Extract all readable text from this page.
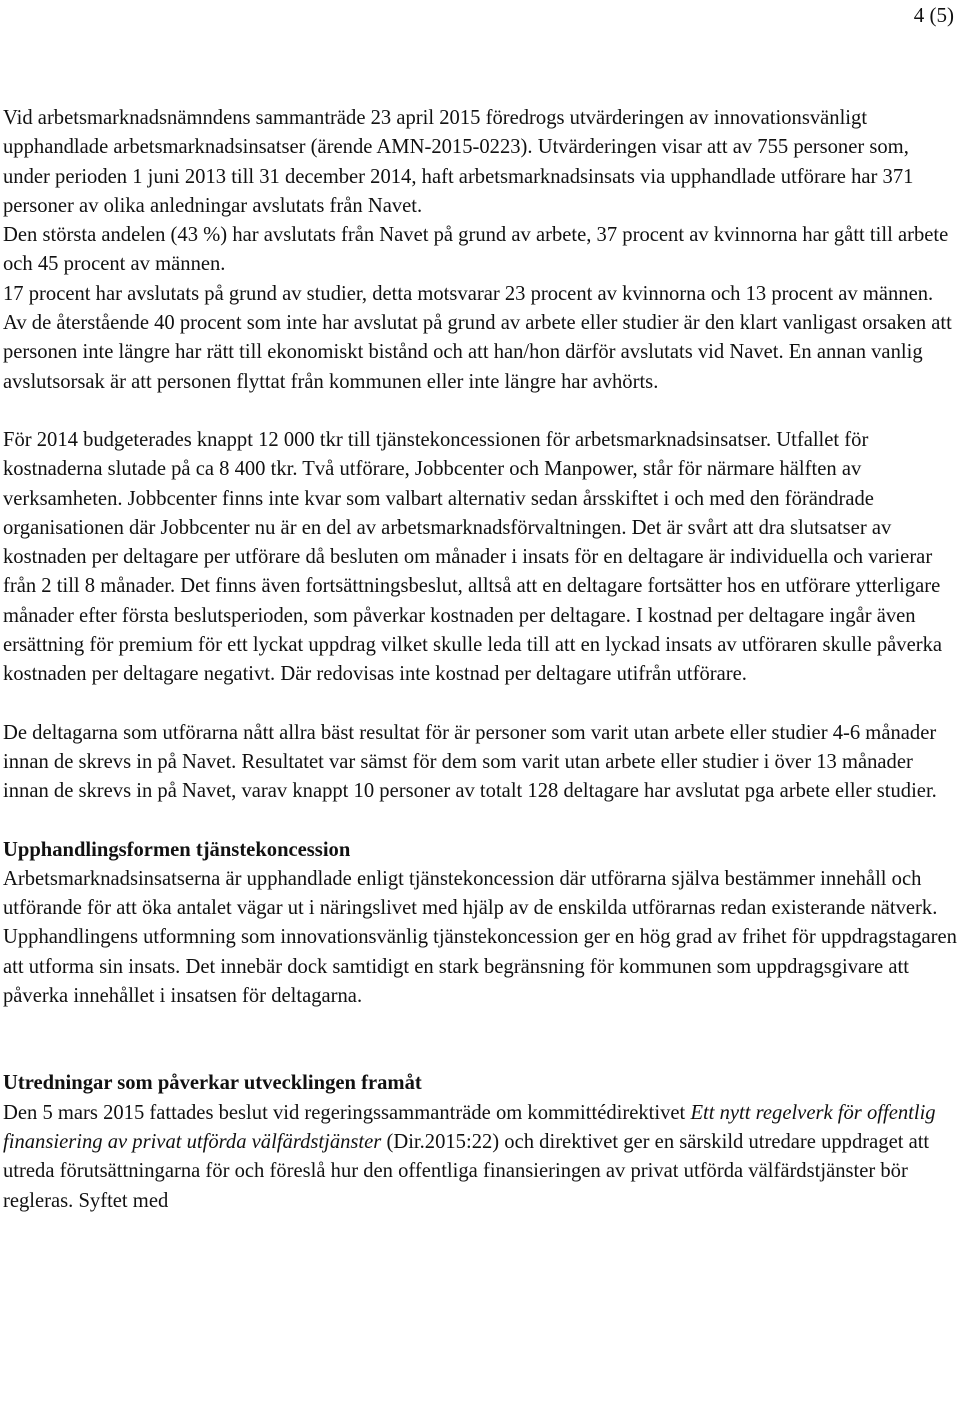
4 (5)

Vid arbetsmarknadsnämndens sammanträde 23 april 2015 föredrogs utvärderingen av innovationsvänligt upphandlade arbetsmarknadsinsatser (ärende AMN-2015-0223). Utvärderingen visar att av 755 personer som, under perioden 1 juni 2013 till 31 december 2014, haft arbetsmarknadsinsats via upphandlade utförare har 371 personer av olika anledningar avslutats från Navet.

Den största andelen (43 %) har avslutats från Navet på grund av arbete, 37 procent av kvinnorna har gått till arbete och 45 procent av männen.

17 procent har avslutats på grund av studier, detta motsvarar 23 procent av kvinnorna och 13 procent av männen.

Av de återstående 40 procent som inte har avslutat på grund av arbete eller studier är den klart vanligast orsaken att personen inte längre har rätt till ekonomiskt bistånd och att han/hon därför avslutats vid Navet. En annan vanlig avslutsorsak är att personen flyttat från kommunen eller inte längre har avhörts.

För 2014 budgeterades knappt 12 000 tkr till tjänstekoncessionen för arbetsmarknadsinsatser. Utfallet för kostnaderna slutade på ca 8 400 tkr. Två utförare, Jobbcenter och Manpower, står för närmare hälften av verksamheten. Jobbcenter finns inte kvar som valbart alternativ sedan årsskiftet i och med den förändrade organisationen där Jobbcenter nu är en del av arbetsmarknadsförvaltningen. Det är svårt att dra slutsatser av kostnaden per deltagare per utförare då besluten om månader i insats för en deltagare är individuella och varierar från 2 till 8 månader. Det finns även fortsättningsbeslut, alltså att en deltagare fortsätter hos en utförare ytterligare månader efter första beslutsperioden, som påverkar kostnaden per deltagare. I kostnad per deltagare ingår även ersättning för premium för ett lyckat uppdrag vilket skulle leda till att en lyckad insats av utföraren skulle påverka kostnaden per deltagare negativt. Där redovisas inte kostnad per deltagare utifrån utförare.

De deltagarna som utförarna nått allra bäst resultat för är personer som varit utan arbete eller studier 4-6 månader innan de skrevs in på Navet. Resultatet var sämst för dem som varit utan arbete eller studier i över 13 månader innan de skrevs in på Navet, varav knappt 10 personer av totalt 128 deltagare har avslutat pga arbete eller studier.

Upphandlingsformen tjänstekoncession

Arbetsmarknadsinsatserna är upphandlade enligt tjänstekoncession där utförarna själva bestämmer innehåll och utförande för att öka antalet vägar ut i näringslivet med hjälp av de enskilda utförarnas redan existerande nätverk. Upphandlingens utformning som innovationsvänlig tjänstekoncession ger en hög grad av frihet för uppdragstagaren att utforma sin insats. Det innebär dock samtidigt en stark begränsning för kommunen som uppdragsgivare att påverka innehållet i insatsen för deltagarna.

Utredningar som påverkar utvecklingen framåt

Den 5 mars 2015 fattades beslut vid regeringssammanträde om kommittédirektivet Ett nytt regelverk för offentlig finansiering av privat utförda välfärdstjänster (Dir.2015:22) och direktivet ger en särskild utredare uppdraget att utreda förutsättningarna för och föreslå hur den offentliga finansieringen av privat utförda välfärdstjänster bör regleras. Syftet med
